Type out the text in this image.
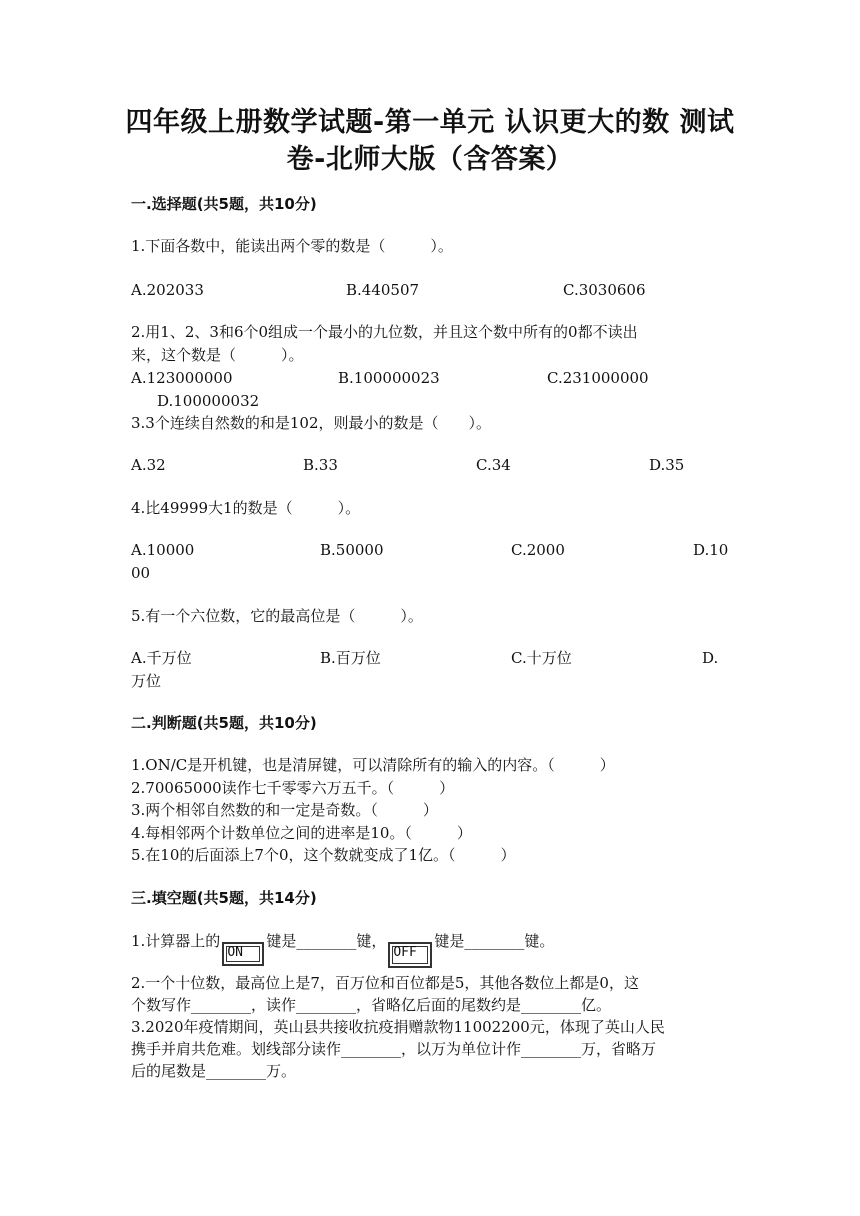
四年级上册数学试题-第一单元 认识更大的数 测试
卷-北师大版（含答案）
一.选择题(共5题，共10分)
1.下面各数中，能读出两个零的数是（　　　）。
A.202033	B.440507	C.3030606
2.用1、2、3和6个0组成一个最小的九位数，并且这个数中所有的0都不读出
来，这个数是（　　　）。
A.123000000	B.100000023	C.231000000
D.100000032
3.3个连续自然数的和是102，则最小的数是（　　）。
A.32	B.33	C.34	D.35
4.比49999大1的数是（　　　）。
A.10000	B.50000	C.2000	D.10
00
5.有一个六位数，它的最高位是（　　　）。
A.千万位	B.百万位	C.十万位	D.
万位
二.判断题(共5题，共10分)
1.ON/C是开机键，也是清屏键，可以清除所有的输入的内容。（　　　）
2.70065000读作七千零零六万五千。（　　　）
3.两个相邻自然数的和一定是奇数。（　　　）
4.每相邻两个计数单位之间的进率是10。（　　　）
5.在10的后面添上7个0，这个数就变成了1亿。（　　　）
三.填空题(共5题，共14分)
1.计算器上的ON键是________键，OFF键是________键。
2.一个十位数，最高位上是7，百万位和百位都是5，其他各数位上都是0，这
个数写作________，读作________，省略亿后面的尾数约是________亿。
3.2020年疫情期间，英山县共接收抗疫捐赠款物11002200元，体现了英山人民
携手并肩共危难。划线部分读作________，以万为单位计作________万，省略万
后的尾数是________万。
